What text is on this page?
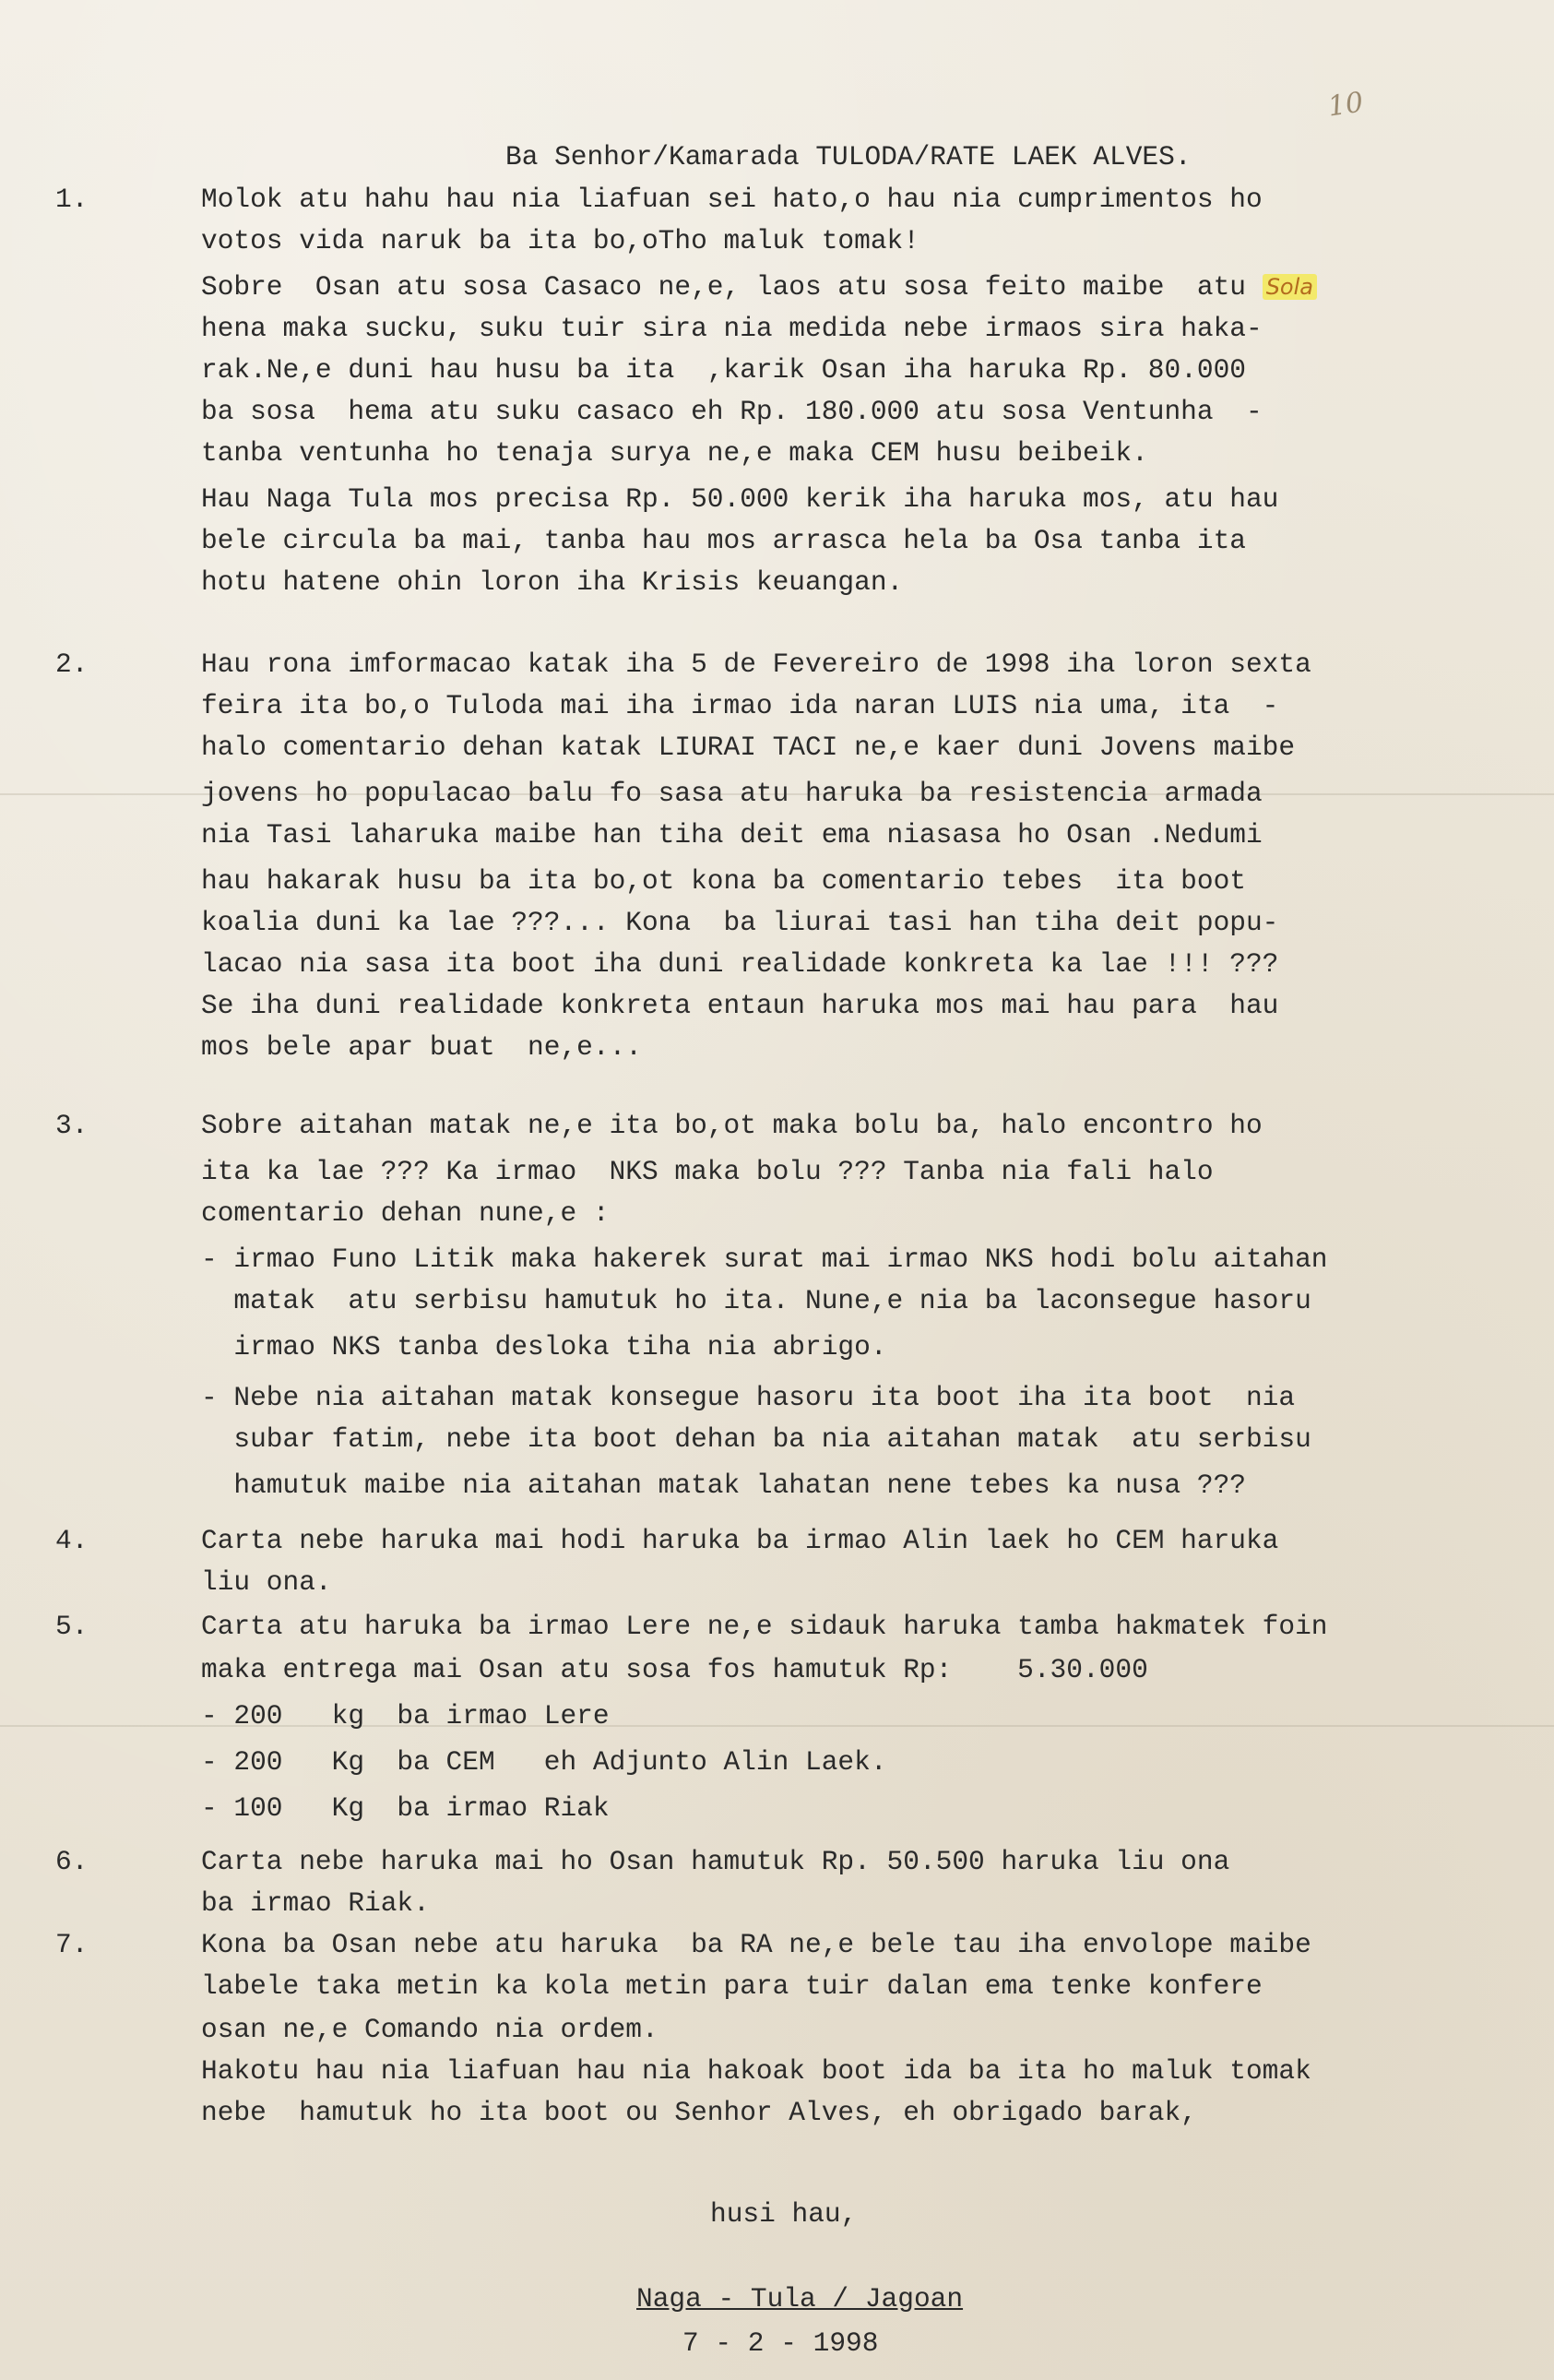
10
Ba Senhor/Kamarada TULODA/RATE LAEK ALVES.
1.
2.
3.
4.
5.
6.
7.
Molok atu hahu hau nia liafuan sei hato,o hau nia cumprimentos ho
votos vida naruk ba ita bo,oTho maluk tomak!
Sobre  Osan atu sosa Casaco ne,e, laos atu sosa feito maibe  atu Sola
hena maka sucku, suku tuir sira nia medida nebe irmaos sira haka-
rak.Ne,e duni hau husu ba ita  ,karik Osan iha haruka Rp. 80.000
ba sosa  hema atu suku casaco eh Rp. 180.000 atu sosa Ventunha  -
tanba ventunha ho tenaja surya ne,e maka CEM husu beibeik.
Hau Naga Tula mos precisa Rp. 50.000 kerik iha haruka mos, atu hau
bele circula ba mai, tanba hau mos arrasca hela ba Osa tanba ita
hotu hatene ohin loron iha Krisis keuangan.
Hau rona imformacao katak iha 5 de Fevereiro de 1998 iha loron sexta
feira ita bo,o Tuloda mai iha irmao ida naran LUIS nia uma, ita  -
halo comentario dehan katak LIURAI TACI ne,e kaer duni Jovens maibe
jovens ho populacao balu fo sasa atu haruka ba resistencia armada
nia Tasi laharuka maibe han tiha deit ema niasasa ho Osan .Nedumi
hau hakarak husu ba ita bo,ot kona ba comentario tebes  ita boot
koalia duni ka lae ???... Kona  ba liurai tasi han tiha deit popu-
lacao nia sasa ita boot iha duni realidade konkreta ka lae !!! ???
Se iha duni realidade konkreta entaun haruka mos mai hau para  hau
mos bele apar buat  ne,e...
Sobre aitahan matak ne,e ita bo,ot maka bolu ba, halo encontro ho
ita ka lae ??? Ka irmao  NKS maka bolu ??? Tanba nia fali halo
comentario dehan nune,e :
- irmao Funo Litik maka hakerek surat mai irmao NKS hodi bolu aitahan
matak  atu serbisu hamutuk ho ita. Nune,e nia ba laconsegue hasoru
irmao NKS tanba desloka tiha nia abrigo.
- Nebe nia aitahan matak konsegue hasoru ita boot iha ita boot  nia
subar fatim, nebe ita boot dehan ba nia aitahan matak  atu serbisu
hamutuk maibe nia aitahan matak lahatan nene tebes ka nusa ???
Carta nebe haruka mai hodi haruka ba irmao Alin laek ho CEM haruka
liu ona.
Carta atu haruka ba irmao Lere ne,e sidauk haruka tamba hakmatek foin
maka entrega mai Osan atu sosa fos hamutuk Rp:    5.30.000
- 200   kg  ba irmao Lere
- 200   Kg  ba CEM   eh Adjunto Alin Laek.
- 100   Kg  ba irmao Riak
Carta nebe haruka mai ho Osan hamutuk Rp. 50.500 haruka liu ona
ba irmao Riak.
Kona ba Osan nebe atu haruka  ba RA ne,e bele tau iha envolope maibe
labele taka metin ka kola metin para tuir dalan ema tenke konfere
osan ne,e Comando nia ordem.
Hakotu hau nia liafuan hau nia hakoak boot ida ba ita ho maluk tomak
nebe  hamutuk ho ita boot ou Senhor Alves, eh obrigado barak,
husi hau,
Naga - Tula / Jagoan
7 - 2 - 1998
